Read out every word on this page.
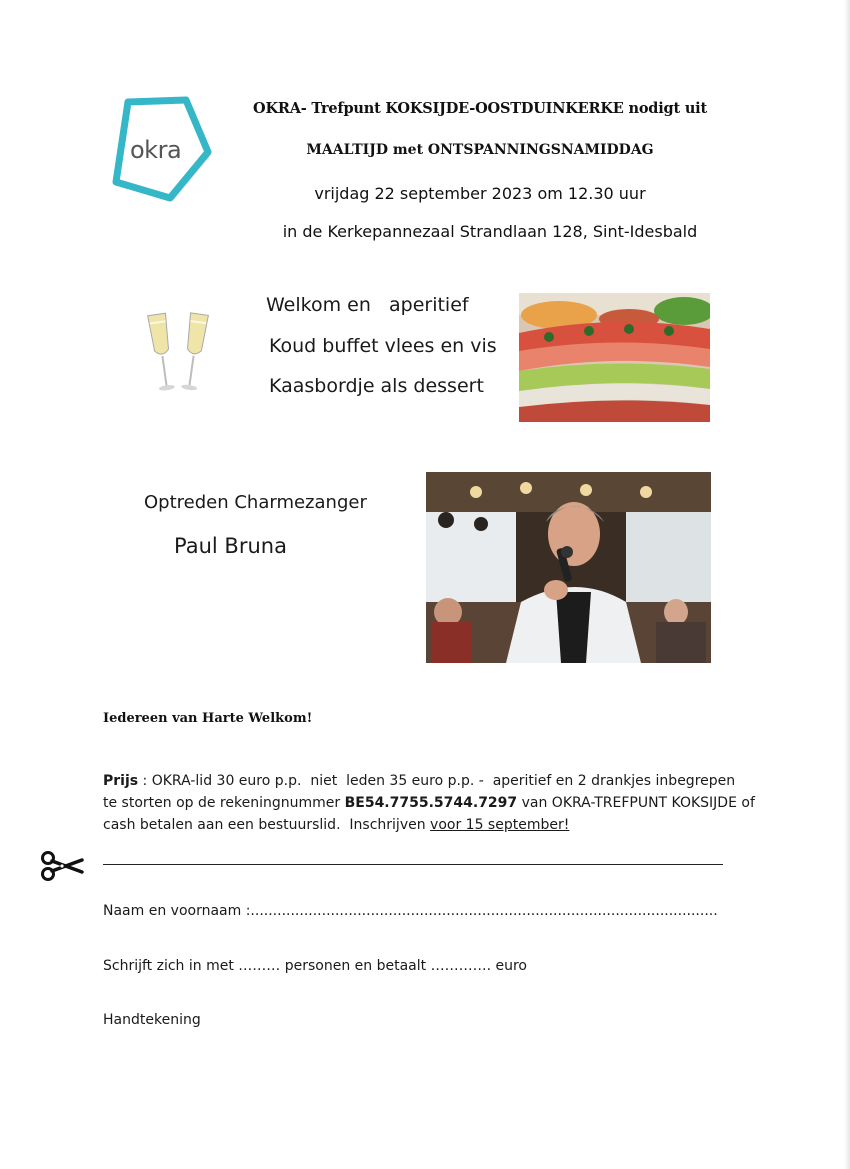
okra
OKRA- Trefpunt KOKSIJDE-OOSTDUINKERKE nodigt uit
MAALTIJD met ONTSPANNINGSNAMIDDAG
vrijdag 22 september 2023 om 12.30 uur
in de Kerkepannezaal Strandlaan 128, Sint-Idesbald
Welkom en   aperitief
Koud buffet vlees en vis
Kaasbordje als dessert
Optreden Charmezanger
Paul Bruna
Iedereen van Harte Welkom!
Prijs : OKRA-lid 30 euro p.p.  niet  leden 35 euro p.p. -  aperitief en 2 drankjes inbegrepen
te storten op de rekeningnummer BE54.7755.5744.7297 van OKRA-TREFPUNT KOKSIJDE of
cash betalen aan een bestuurslid.  Inschrijven voor 15 september!
Naam en voornaam :.........................................................................................................
Schrijft zich in met ……… personen en betaalt …………. euro
Handtekening
